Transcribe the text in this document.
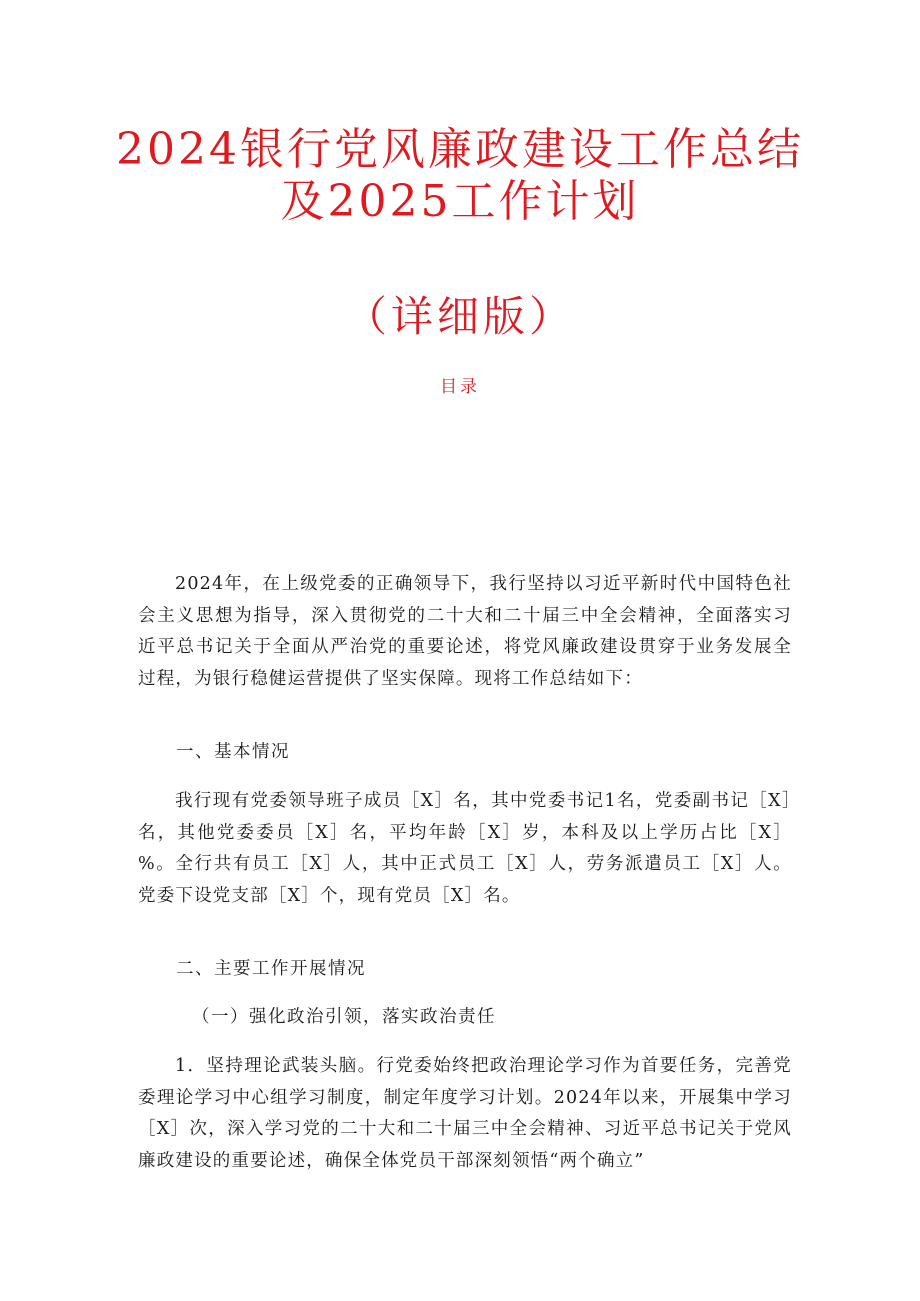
2024银行党风廉政建设工作总结
及2025工作计划
（详细版）
目录

2024年，在上级党委的正确领导下，我行坚持以习近平新时代中国特色社会主义思想为指导，深入贯彻党的二十大和二十届三中全会精神，全面落实习近平总书记关于全面从严治党的重要论述，将党风廉政建设贯穿于业务发展全过程，为银行稳健运营提供了坚实保障。现将工作总结如下：

一、基本情况

我行现有党委领导班子成员［X］名，其中党委书记1名，党委副书记［X］名，其他党委委员［X］名，平均年龄［X］岁，本科及以上学历占比［X］%。全行共有员工［X］人，其中正式员工［X］人，劳务派遣员工［X］人。党委下设党支部［X］个，现有党员［X］名。

二、主要工作开展情况

（一）强化政治引领，落实政治责任

1．坚持理论武装头脑。行党委始终把政治理论学习作为首要任务，完善党委理论学习中心组学习制度，制定年度学习计划。2024年以来，开展集中学习［X］次，深入学习党的二十大和二十届三中全会精神、习近平总书记关于党风廉政建设的重要论述，确保全体党员干部深刻领悟“两个确立”
